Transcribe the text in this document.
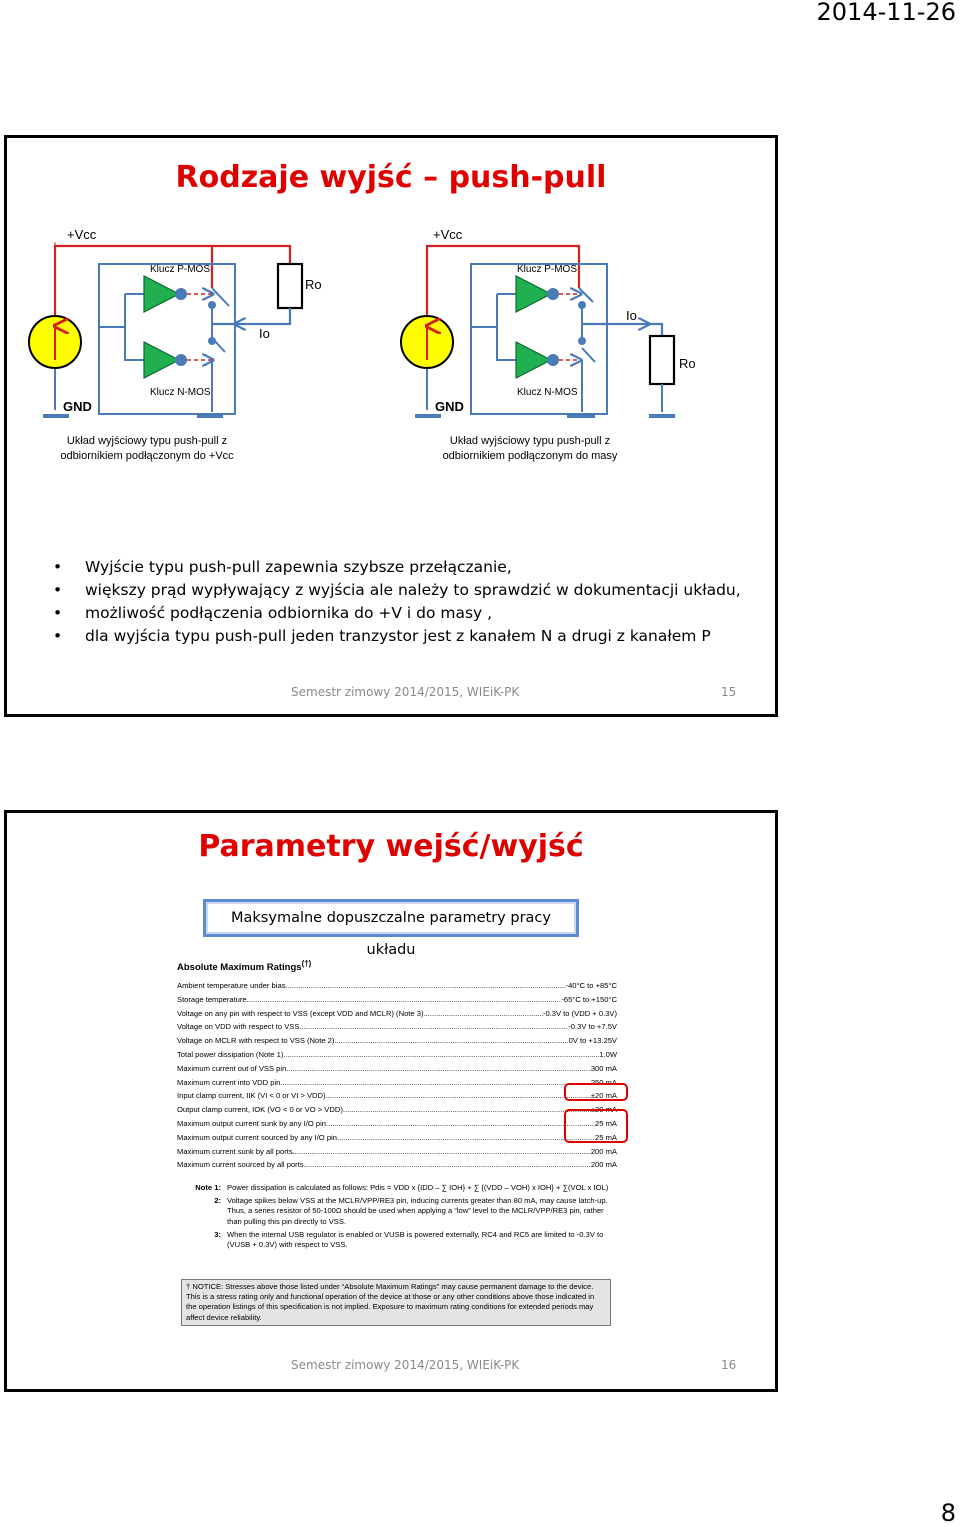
2014-11-26
Rodzaje wyjść – push-pull
+Vcc
Klucz P-MOS
Ro
Io
Klucz N-MOS
GND
Układ wyjściowy typu push-pull z
odbiornikiem podłączonym do +Vcc
+Vcc
Klucz P-MOS
Io
Ro
Klucz N-MOS
GND
Układ wyjściowy typu push-pull z
odbiornikiem podłączonym do masy
• Wyjście typu push-pull zapewnia szybsze przełączanie,
• większy prąd wypływający z wyjścia ale należy to sprawdzić w dokumentacji układu,
• możliwość podłączenia odbiornika do +V i do masy ,
• dla wyjścia typu push-pull jeden tranzystor jest z kanałem N a drugi z kanałem P
Semestr zimowy 2014/2015, WIEiK-PK	15
Parametry wejść/wyjść
Maksymalne dopuszczalne parametry pracy układu
Absolute Maximum Ratings(†)
Ambient temperature under bias .....	-40°C to +85°C
Storage temperature .....	-65°C to +150°C
Voltage on any pin with respect to VSS (except VDD and MCLR) (Note 3) .....	-0.3V to (VDD + 0.3V)
Voltage on VDD with respect to VSS .....	-0.3V to +7.5V
Voltage on MCLR with respect to VSS (Note 2) .....	0V to +13.25V
Total power dissipation (Note 1) .....	1.0W
Maximum current out of VSS pin .....	300 mA
Maximum current into VDD pin .....	250 mA
Input clamp current, IIK (VI < 0 or VI > VDD) .....	±20 mA
Output clamp current, IOK (VO < 0 or VO > VDD) .....	±20 mA
Maximum output current sunk by any I/O pin .....	25 mA
Maximum output current sourced by any I/O pin .....	25 mA
Maximum current sunk by all ports .....	200 mA
Maximum current sourced by all ports .....	200 mA
Note 1: Power dissipation is calculated as follows: Pdis = VDD x {IDD – ∑ IOH} + ∑ {(VDD – VOH) x IOH} + ∑(VOL x IOL)
2: Voltage spikes below VSS at the MCLR/VPP/RE3 pin, inducing currents greater than 80 mA, may cause latch-up. Thus, a series resistor of 50-100Ω should be used when applying a “low” level to the MCLR/VPP/RE3 pin, rather than pulling this pin directly to VSS.
3: When the internal USB regulator is enabled or VUSB is powered externally, RC4 and RC5 are limited to -0.3V to (VUSB + 0.3V) with respect to VSS.
† NOTICE: Stresses above those listed under “Absolute Maximum Ratings” may cause permanent damage to the device. This is a stress rating only and functional operation of the device at those or any other conditions above those indicated in the operation listings of this specification is not implied. Exposure to maximum rating conditions for extended periods may affect device reliability.
Semestr zimowy 2014/2015, WIEiK-PK	16
8
